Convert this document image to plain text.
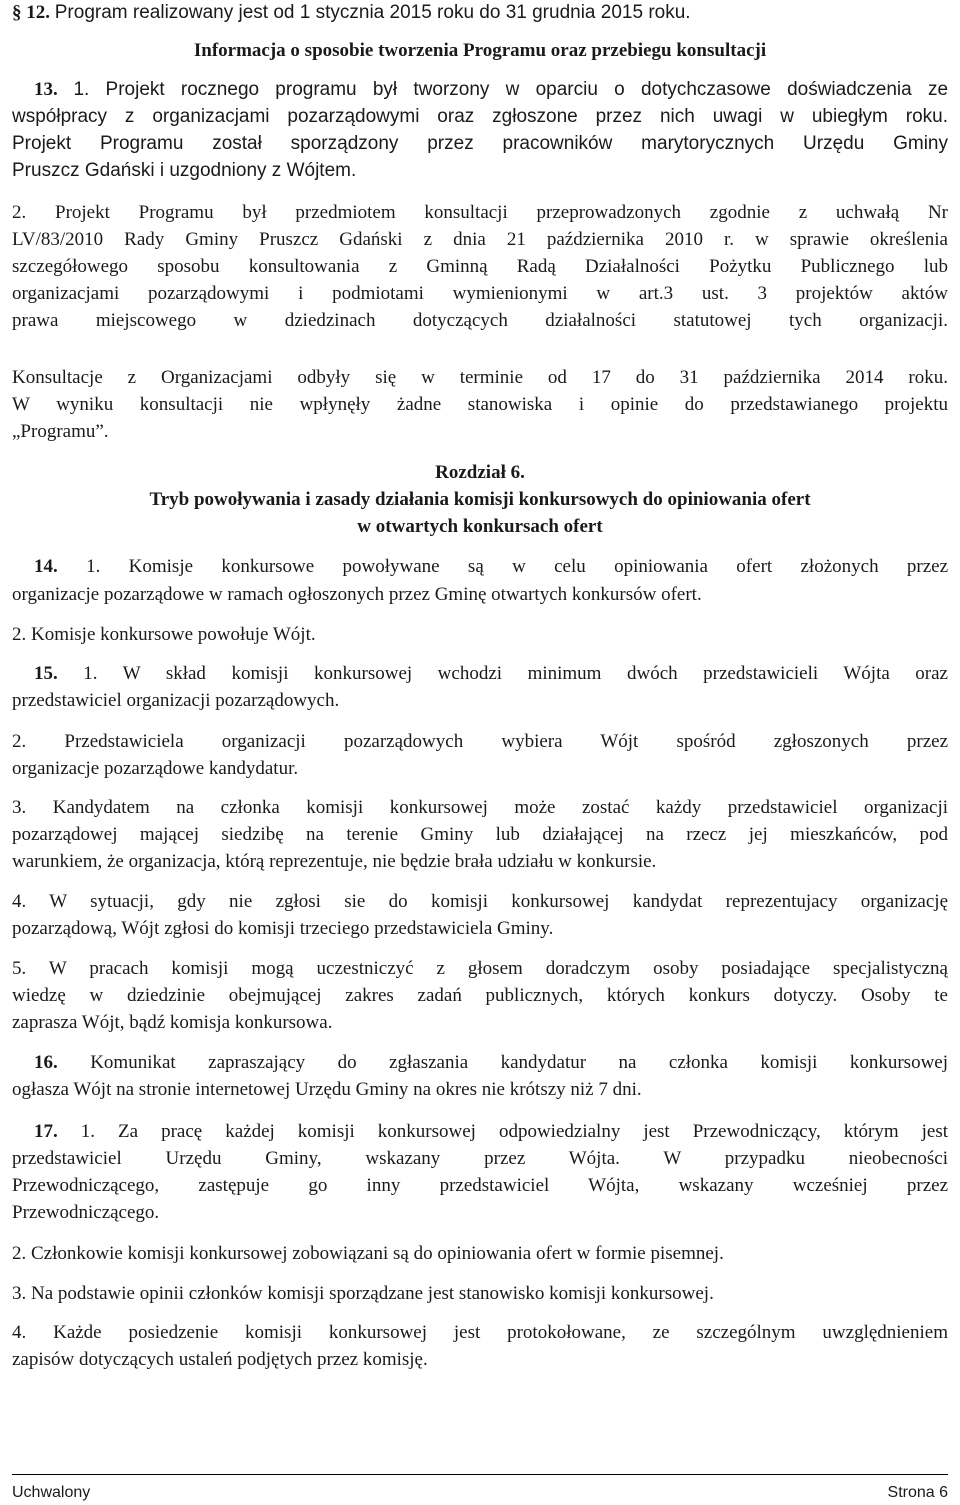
§ 12. Program realizowany jest od 1 stycznia 2015 roku do 31 grudnia 2015 roku.
Informacja o sposobie tworzenia Programu oraz przebiegu konsultacji
13. 1. Projekt rocznego programu był tworzony w oparciu o dotychczasowe doświadczenia ze
współpracy z organizacjami pozarządowymi oraz zgłoszone przez nich uwagi w ubiegłym roku.
Projekt Programu został sporządzony przez pracowników marytorycznych Urzędu Gminy
Pruszcz Gdański i uzgodniony z Wójtem.
2. Projekt Programu był przedmiotem konsultacji przeprowadzonych zgodnie z uchwałą Nr
LV/83/2010 Rady Gminy Pruszcz Gdański z dnia 21 października 2010 r. w sprawie określenia
szczegółowego sposobu konsultowania z Gminną Radą Działalności Pożytku Publicznego lub
organizacjami pozarządowymi i podmiotami wymienionymi w art.3 ust. 3 projektów aktów
prawa miejscowego w dziedzinach dotyczących działalności statutowej tych organizacji.
Konsultacje z Organizacjami odbyły się w terminie od 17 do 31 października 2014 roku.
W wyniku konsultacji nie wpłynęły żadne stanowiska i opinie do przedstawianego projektu
„Programu”.
Rozdział 6.
Tryb powoływania i zasady działania komisji konkursowych do opiniowania ofert
w otwartych konkursach ofert
14. 1. Komisje konkursowe powoływane są w celu opiniowania ofert złożonych przez
organizacje pozarządowe w ramach ogłoszonych przez Gminę otwartych konkursów ofert.
2. Komisje konkursowe powołuje Wójt.
15. 1. W skład komisji konkursowej wchodzi minimum dwóch przedstawicieli Wójta oraz
przedstawiciel organizacji pozarządowych.
2. Przedstawiciela organizacji pozarządowych wybiera Wójt spośród zgłoszonych przez
organizacje pozarządowe kandydatur.
3. Kandydatem na członka komisji konkursowej może zostać każdy przedstawiciel organizacji
pozarządowej mającej siedzibę na terenie Gminy lub działającej na rzecz jej mieszkańców, pod
warunkiem, że organizacja, którą reprezentuje, nie będzie brała udziału w konkursie.
4. W sytuacji, gdy nie zgłosi sie do komisji konkursowej kandydat reprezentujacy organizację
pozarządową, Wójt zgłosi do komisji trzeciego przedstawiciela Gminy.
5. W pracach komisji mogą uczestniczyć z głosem doradczym osoby posiadające specjalistyczną
wiedzę w dziedzinie obejmującej zakres zadań publicznych, których konkurs dotyczy. Osoby te
zaprasza Wójt, bądź komisja konkursowa.
16. Komunikat zapraszający do zgłaszania kandydatur na członka komisji konkursowej
ogłasza Wójt na stronie internetowej Urzędu Gminy na okres nie krótszy niż 7 dni.
17. 1. Za pracę każdej komisji konkursowej odpowiedzialny jest Przewodniczący, którym jest
przedstawiciel Urzędu Gminy, wskazany przez Wójta. W przypadku nieobecności
Przewodniczącego, zastępuje go inny przedstawiciel Wójta, wskazany wcześniej przez
Przewodniczącego.
2. Członkowie komisji konkursowej zobowiązani są do opiniowania ofert w formie pisemnej.
3. Na podstawie opinii członków komisji sporządzane jest stanowisko komisji konkursowej.
4. Każde posiedzenie komisji konkursowej jest protokołowane, ze szczególnym uwzględnieniem
zapisów dotyczących ustaleń podjętych przez komisję.
Uchwalony	Strona 6
